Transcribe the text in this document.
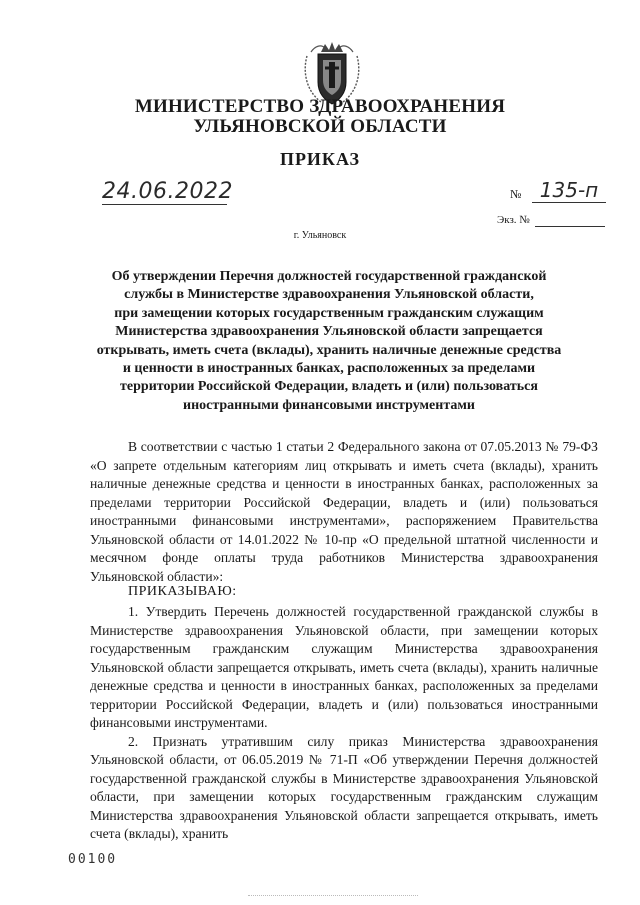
МИНИСТЕРСТВО ЗДРАВООХРАНЕНИЯ
УЛЬЯНОВСКОЙ ОБЛАСТИ
ПРИКАЗ
24.06.2022	№ 135-п
Экз. №
г. Ульяновск
Об утверждении Перечня должностей государственной гражданской
службы в Министерстве здравоохранения Ульяновской области,
при замещении которых государственным гражданским служащим
Министерства здравоохранения Ульяновской области запрещается
открывать, иметь счета (вклады), хранить наличные денежные средства
и ценности в иностранных банках, расположенных за пределами
территории Российской Федерации, владеть и (или) пользоваться
иностранными финансовыми инструментами
В соответствии с частью 1 статьи 2 Федерального закона от 07.05.2013 № 79-ФЗ «О запрете отдельным категориям лиц открывать и иметь счета (вклады), хранить наличные денежные средства и ценности в иностранных банках, расположенных за пределами территории Российской Федерации, владеть и (или) пользоваться иностранными финансовыми инструментами», распоряжением Правительства Ульяновской области от 14.01.2022 № 10-пр «О предельной штатной численности и месячном фонде оплаты труда работников Министерства здравоохранения Ульяновской области»:
ПРИКАЗЫВАЮ:
1. Утвердить Перечень должностей государственной гражданской службы в Министерстве здравоохранения Ульяновской области, при замещении которых государственным гражданским служащим Министерства здравоохранения Ульяновской области запрещается открывать, иметь счета (вклады), хранить наличные денежные средства и ценности в иностранных банках, расположенных за пределами территории Российской Федерации, владеть и (или) пользоваться иностранными финансовыми инструментами.
2. Признать утратившим силу приказ Министерства здравоохранения Ульяновской области, от 06.05.2019 № 71-П «Об утверждении Перечня должностей государственной гражданской службы в Министерстве здравоохранения Ульяновской области, при замещении которых государственным гражданским служащим Министерства здравоохранения Ульяновской области запрещается открывать, иметь счета (вклады), хранить
00100
